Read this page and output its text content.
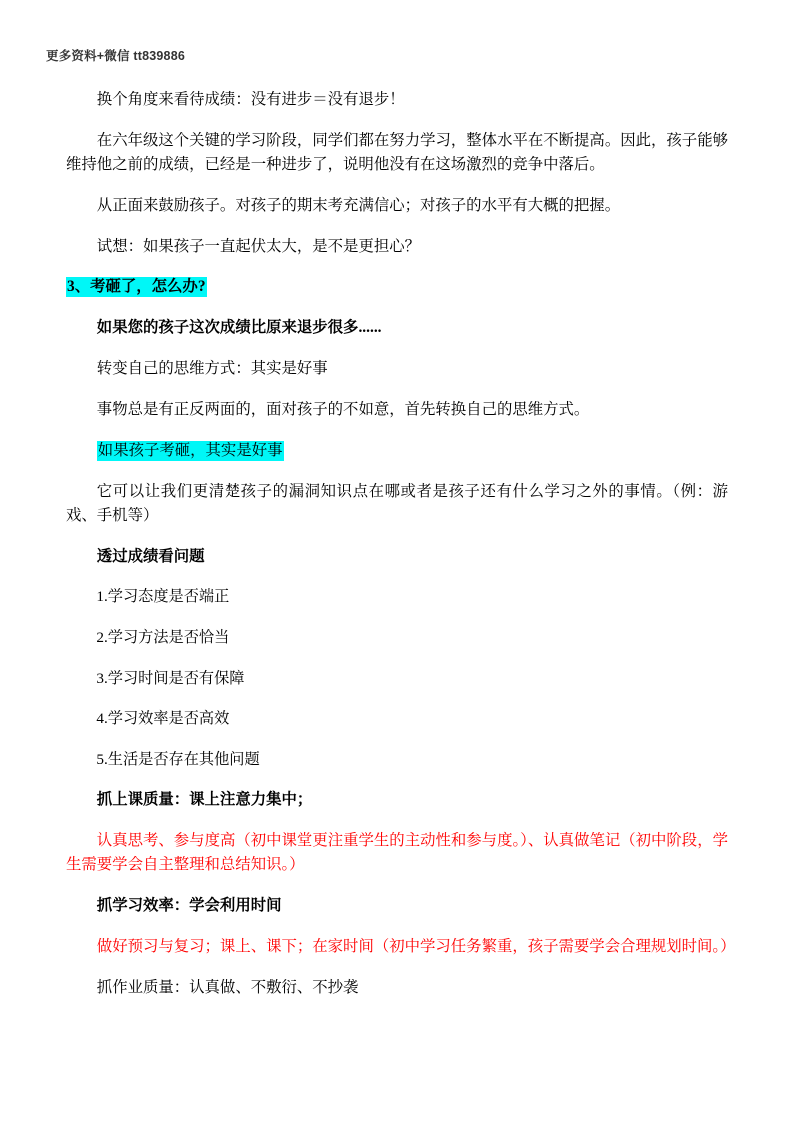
更多资料+微信 tt839886

换个角度来看待成绩：没有进步＝没有退步！

在六年级这个关键的学习阶段，同学们都在努力学习，整体水平在不断提高。因此，孩子能够维持他之前的成绩，已经是一种进步了，说明他没有在这场激烈的竞争中落后。

从正面来鼓励孩子。对孩子的期末考充满信心；对孩子的水平有大概的把握。

试想：如果孩子一直起伏太大，是不是更担心？

3、考砸了，怎么办?

如果您的孩子这次成绩比原来退步很多......

转变自己的思维方式：其实是好事

事物总是有正反两面的，面对孩子的不如意，首先转换自己的思维方式。

如果孩子考砸，其实是好事

它可以让我们更清楚孩子的漏洞知识点在哪或者是孩子还有什么学习之外的事情。（例：游戏、手机等）

透过成绩看问题

1.学习态度是否端正

2.学习方法是否恰当

3.学习时间是否有保障

4.学习效率是否高效

5.生活是否存在其他问题

抓上课质量：课上注意力集中；

认真思考、参与度高（初中课堂更注重学生的主动性和参与度。）、认真做笔记（初中阶段，学生需要学会自主整理和总结知识。）

抓学习效率：学会利用时间

做好预习与复习；课上、课下；在家时间（初中学习任务繁重，孩子需要学会合理规划时间。）

抓作业质量：认真做、不敷衍、不抄袭
